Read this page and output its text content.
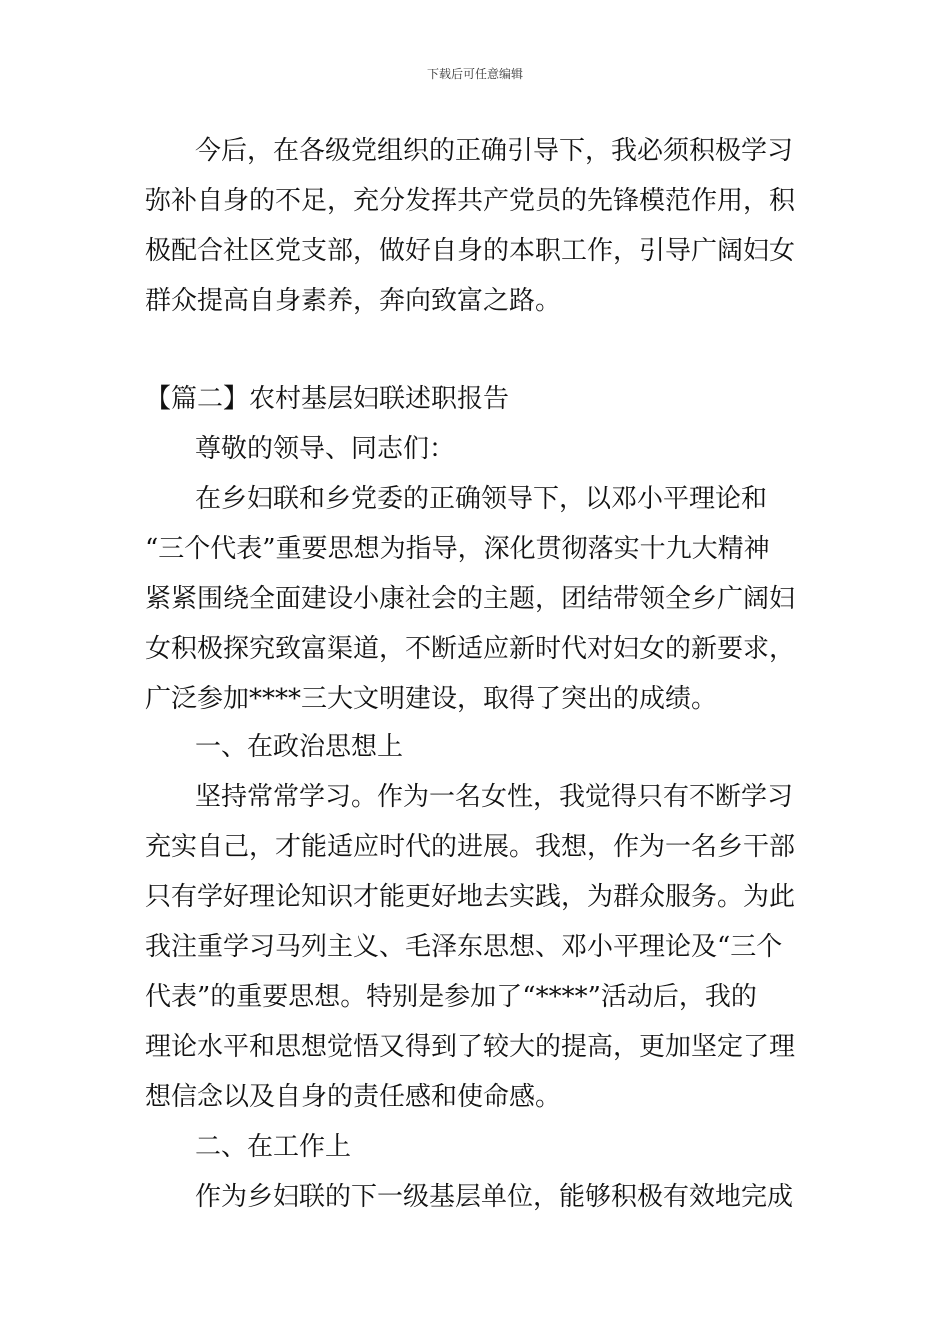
下载后可任意编辑
今后，在各级党组织的正确引导下，我必须积极学习
弥补自身的不足，充分发挥共产党员的先锋模范作用，积
极配合社区党支部，做好自身的本职工作，引导广阔妇女
群众提高自身素养，奔向致富之路。
【篇二】农村基层妇联述职报告
尊敬的领导、同志们：
在乡妇联和乡党委的正确领导下，以邓小平理论和
“三个代表”重要思想为指导，深化贯彻落实十九大精神
紧紧围绕全面建设小康社会的主题，团结带领全乡广阔妇
女积极探究致富渠道，不断适应新时代对妇女的新要求，
广泛参加****三大文明建设，取得了突出的成绩。
一、在政治思想上
坚持常常学习。作为一名女性，我觉得只有不断学习
充实自己，才能适应时代的进展。我想，作为一名乡干部
只有学好理论知识才能更好地去实践，为群众服务。为此
我注重学习马列主义、毛泽东思想、邓小平理论及“三个
代表”的重要思想。特别是参加了“****”活动后，我的
理论水平和思想觉悟又得到了较大的提高，更加坚定了理
想信念以及自身的责任感和使命感。
二、在工作上
作为乡妇联的下一级基层单位，能够积极有效地完成
